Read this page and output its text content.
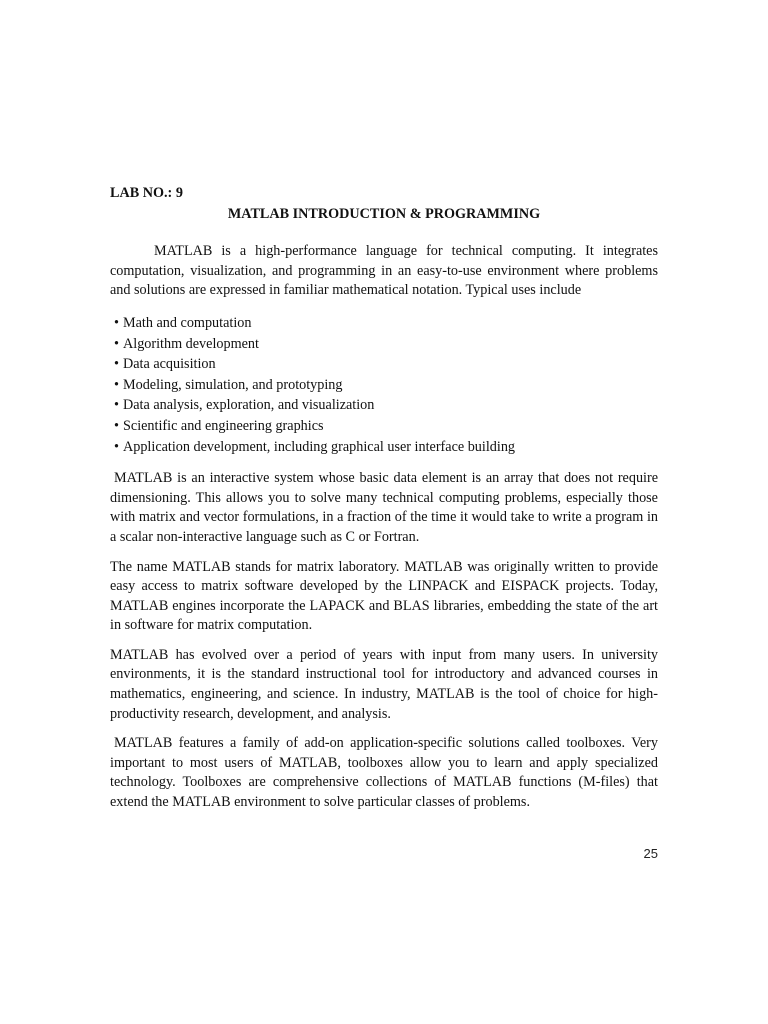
LAB NO.: 9
MATLAB INTRODUCTION & PROGRAMMING

MATLAB is a high-performance language for technical computing. It integrates computation, visualization, and programming in an easy-to-use environment where problems and solutions are expressed in familiar mathematical notation. Typical uses include

• Math and computation
• Algorithm development
• Data acquisition
• Modeling, simulation, and prototyping
• Data analysis, exploration, and visualization
• Scientific and engineering graphics
• Application development, including graphical user interface building

MATLAB is an interactive system whose basic data element is an array that does not require dimensioning. This allows you to solve many technical computing problems, especially those with matrix and vector formulations, in a fraction of the time it would take to write a program in a scalar non-interactive language such as C or Fortran.

The name MATLAB stands for matrix laboratory. MATLAB was originally written to provide easy access to matrix software developed by the LINPACK and EISPACK projects. Today, MATLAB engines incorporate the LAPACK and BLAS libraries, embedding the state of the art in software for matrix computation.

MATLAB has evolved over a period of years with input from many users. In university environments, it is the standard instructional tool for introductory and advanced courses in mathematics, engineering, and science. In industry, MATLAB is the tool of choice for high-productivity research, development, and analysis.

MATLAB features a family of add-on application-specific solutions called toolboxes. Very important to most users of MATLAB, toolboxes allow you to learn and apply specialized technology. Toolboxes are comprehensive collections of MATLAB functions (M-files) that extend the MATLAB environment to solve particular classes of problems.

25
